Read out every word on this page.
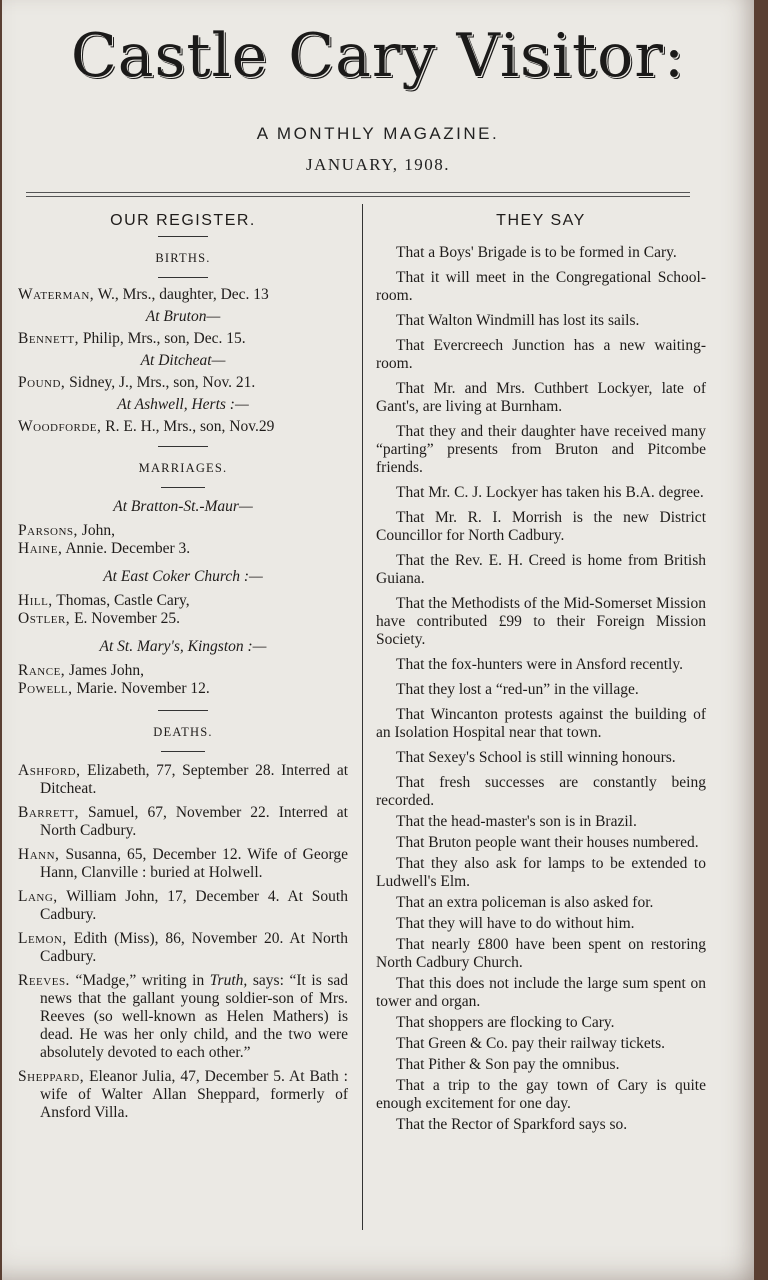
Castle Cary Visitor:
A MONTHLY MAGAZINE.
JANUARY, 1908.
OUR REGISTER.
BIRTHS.
Waterman, W., Mrs., daughter, Dec. 13
At Bruton—
Bennett, Philip, Mrs., son, Dec. 15.
At Ditcheat—
Pound, Sidney, J., Mrs., son, Nov. 21.
At Ashwell, Herts :—
Woodforde, R. E. H., Mrs., son, Nov.29
MARRIAGES.
At Bratton-St.-Maur—
Parsons, John,
Haine, Annie. December 3.
At East Coker Church :—
Hill, Thomas, Castle Cary,
Ostler, E. November 25.
At St. Mary's, Kingston :—
Rance, James John,
Powell, Marie. November 12.
DEATHS.
Ashford, Elizabeth, 77, September 28. Interred at Ditcheat.
Barrett, Samuel, 67, November 22. Interred at North Cadbury.
Hann, Susanna, 65, December 12. Wife of George Hann, Clanville : buried at Holwell.
Lang, William John, 17, December 4. At South Cadbury.
Lemon, Edith (Miss), 86, November 20. At North Cadbury.
Reeves. “Madge,” writing in Truth, says: “It is sad news that the gallant young soldier-son of Mrs. Reeves (so well-known as Helen Mathers) is dead. He was her only child, and the two were absolutely devoted to each other.”
Sheppard, Eleanor Julia, 47, December 5. At Bath : wife of Walter Allan Sheppard, formerly of Ansford Villa.
THEY SAY
That a Boys' Brigade is to be formed in Cary.
That it will meet in the Congregational School-room.
That Walton Windmill has lost its sails.
That Evercreech Junction has a new waiting-room.
That Mr. and Mrs. Cuthbert Lockyer, late of Gant's, are living at Burnham.
That they and their daughter have received many “parting” presents from Bruton and Pitcombe friends.
That Mr. C. J. Lockyer has taken his B.A. degree.
That Mr. R. I. Morrish is the new District Councillor for North Cadbury.
That the Rev. E. H. Creed is home from British Guiana.
That the Methodists of the Mid-Somerset Mission have contributed £99 to their Foreign Mission Society.
That the fox-hunters were in Ansford recently.
That they lost a “red-un” in the village.
That Wincanton protests against the building of an Isolation Hospital near that town.
That Sexey's School is still winning honours.
That fresh successes are constantly being recorded.
That the head-master's son is in Brazil.
That Bruton people want their houses numbered.
That they also ask for lamps to be extended to Ludwell's Elm.
That an extra policeman is also asked for.
That they will have to do without him.
That nearly £800 have been spent on restoring North Cadbury Church.
That this does not include the large sum spent on tower and organ.
That shoppers are flocking to Cary.
That Green & Co. pay their railway tickets.
That Pither & Son pay the omnibus.
That a trip to the gay town of Cary is quite enough excitement for one day.
That the Rector of Sparkford says so.
